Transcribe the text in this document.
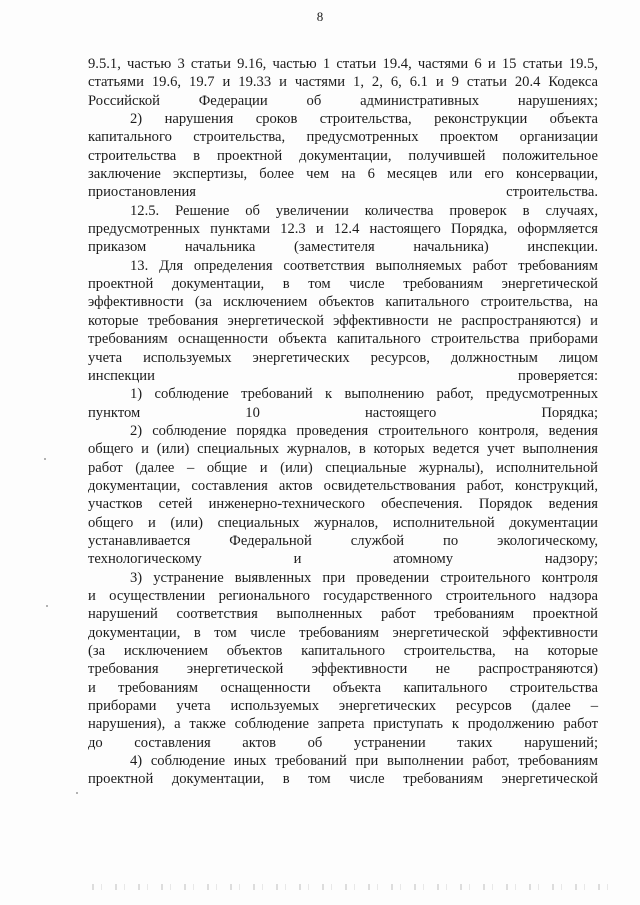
8

9.5.1, частью 3 статьи 9.16, частью 1 статьи 19.4, частями 6 и 15 статьи 19.5,
статьями 19.6, 19.7 и 19.33 и частями 1, 2, 6, 6.1 и 9 статьи 20.4 Кодекса
Российской Федерации об административных нарушениях;

2) нарушения сроков строительства, реконструкции объекта
капитального строительства, предусмотренных проектом организации
строительства в проектной документации, получившей положительное
заключение экспертизы, более чем на 6 месяцев или его консервации,
приостановления строительства.

12.5. Решение об увеличении количества проверок в случаях,
предусмотренных пунктами 12.3 и 12.4 настоящего Порядка, оформляется
приказом начальника (заместителя начальника) инспекции.

13. Для определения соответствия выполняемых работ требованиям
проектной документации, в том числе требованиям энергетической
эффективности (за исключением объектов капитального строительства, на
которые требования энергетической эффективности не распространяются) и
требованиям оснащенности объекта капитального строительства приборами
учета используемых энергетических ресурсов, должностным лицом
инспекции проверяется:

1) соблюдение требований к выполнению работ, предусмотренных
пунктом 10 настоящего Порядка;

2) соблюдение порядка проведения строительного контроля, ведения
общего и (или) специальных журналов, в которых ведется учет выполнения
работ (далее – общие и (или) специальные журналы), исполнительной
документации, составления актов освидетельствования работ, конструкций,
участков сетей инженерно-технического обеспечения. Порядок ведения
общего и (или) специальных журналов, исполнительной документации
устанавливается Федеральной службой по экологическому,
технологическому и атомному надзору;

3) устранение выявленных при проведении строительного контроля
и осуществлении регионального государственного строительного надзора
нарушений соответствия выполненных работ требованиям проектной
документации, в том числе требованиям энергетической эффективности
(за исключением объектов капитального строительства, на которые
требования энергетической эффективности не распространяются)
и требованиям оснащенности объекта капитального строительства
приборами учета используемых энергетических ресурсов (далее –
нарушения), а также соблюдение запрета приступать к продолжению работ
до составления актов об устранении таких нарушений;

4) соблюдение иных требований при выполнении работ, требованиям
проектной документации, в том числе требованиям энергетической
